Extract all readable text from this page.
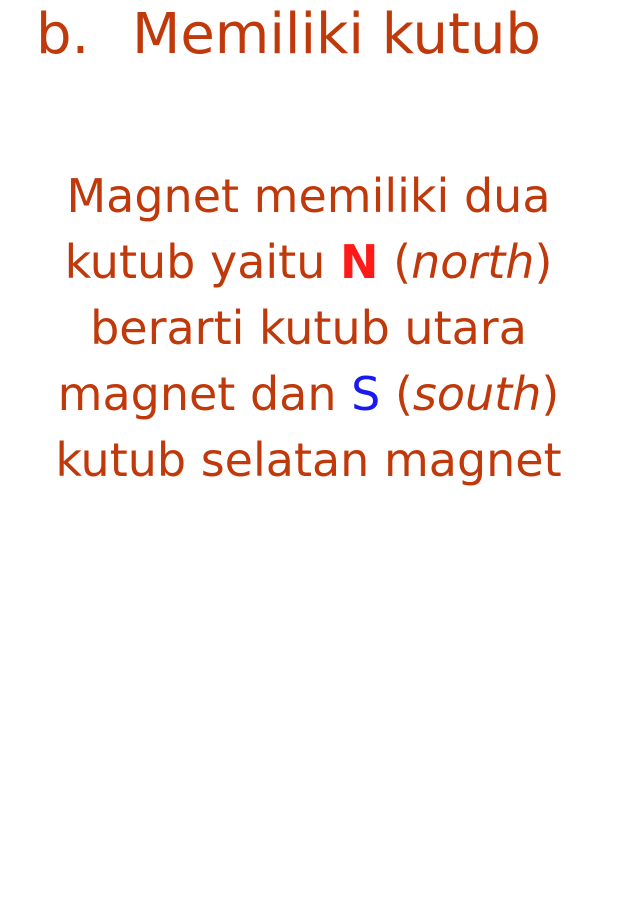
b. Memiliki kutub

Magnet memiliki dua
kutub yaitu N (north)
berarti kutub utara
magnet dan S (south)
kutub selatan magnet
